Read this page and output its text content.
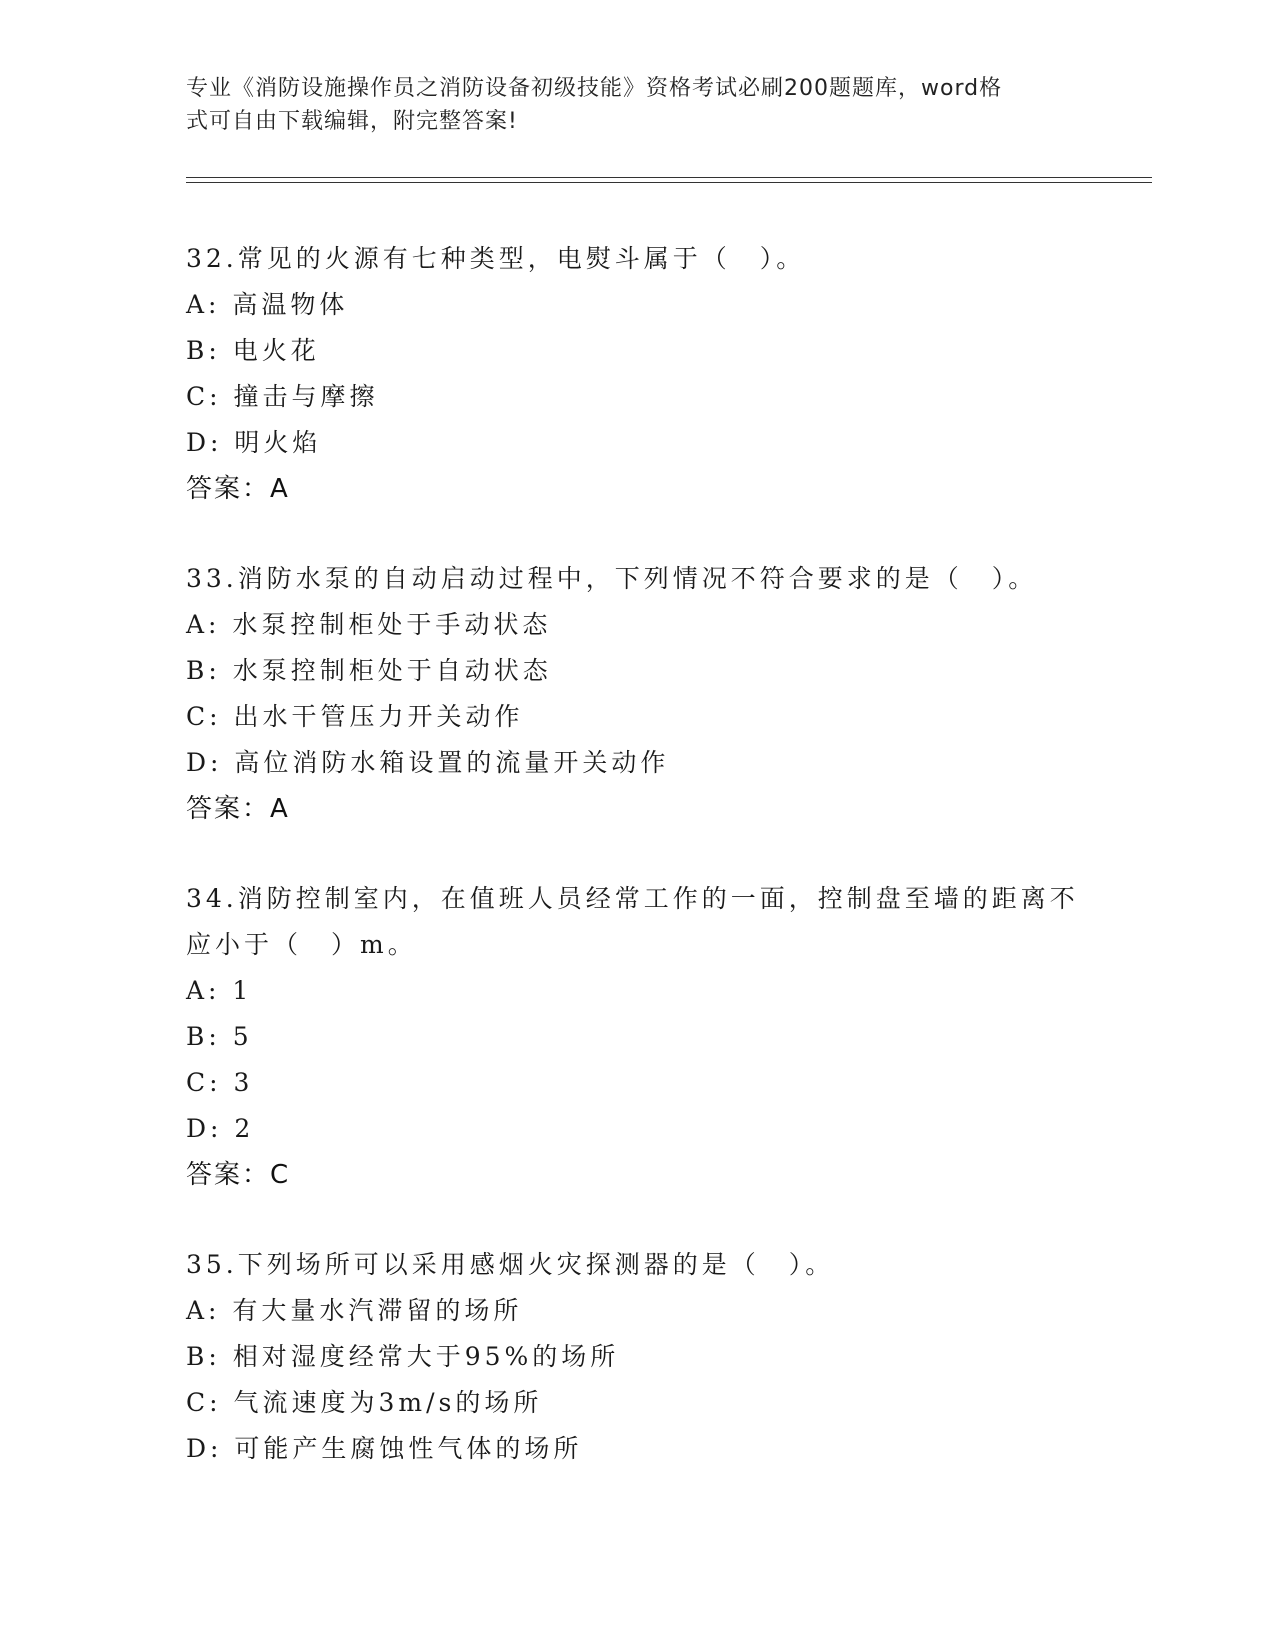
专业《消防设施操作员之消防设备初级技能》资格考试必刷200题题库，word格
式可自由下载编辑，附完整答案!

32.常见的火源有七种类型，电熨斗属于（　）。

A: 高温物体

B: 电火花

C: 撞击与摩擦

D: 明火焰

答案：A

33.消防水泵的自动启动过程中，下列情况不符合要求的是（　）。

A: 水泵控制柜处于手动状态

B: 水泵控制柜处于自动状态

C: 出水干管压力开关动作

D: 高位消防水箱设置的流量开关动作

答案：A

34.消防控制室内，在值班人员经常工作的一面，控制盘至墙的距离不

应小于（　）m。

A: 1

B: 5

C: 3

D: 2

答案：C

35.下列场所可以采用感烟火灾探测器的是（　）。

A: 有大量水汽滞留的场所

B: 相对湿度经常大于95%的场所

C: 气流速度为3m/s的场所

D: 可能产生腐蚀性气体的场所
